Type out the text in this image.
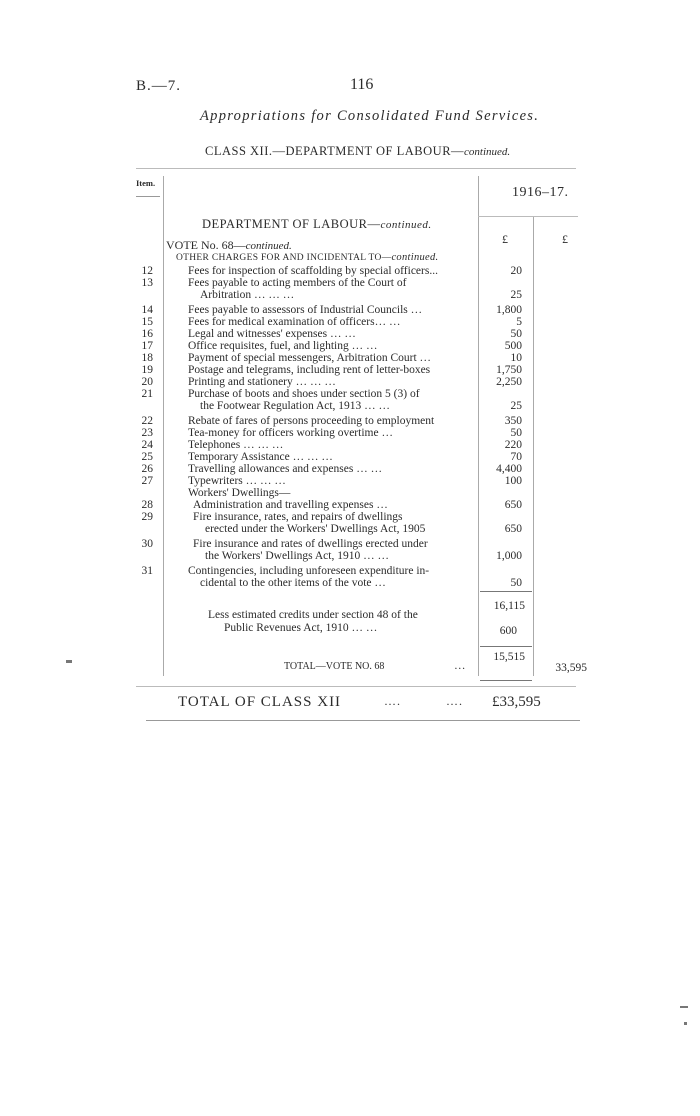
B.—7.	116
Appropriations for Consolidated Fund Services.
CLASS XII.—DEPARTMENT OF LABOUR—continued.
Item.
1916–17.
£	£
DEPARTMENT OF LABOUR—continued.
VOTE No. 68—continued.
OTHER CHARGES FOR AND INCIDENTAL TO—continued.
12	Fees for inspection of scaffolding by special officers...	20
13	Fees payable to acting members of the Court of
Arbitration … … …	25
14	Fees payable to assessors of Industrial Councils …	1,800
15	Fees for medical examination of officers… …	5
16	Legal and witnesses' expenses … …	50
17	Office requisites, fuel, and lighting … …	500
18	Payment of special messengers, Arbitration Court …	10
19	Postage and telegrams, including rent of letter-boxes	1,750
20	Printing and stationery … … …	2,250
21	Purchase of boots and shoes under section 5 (3) of
the Footwear Regulation Act, 1913 … …	25
22	Rebate of fares of persons proceeding to employment	350
23	Tea-money for officers working overtime …	50
24	Telephones … … …	220
25	Temporary Assistance … … …	70
26	Travelling allowances and expenses … …	4,400
27	Typewriters … … …	100
Workers' Dwellings—
28	Administration and travelling expenses …	650
29	Fire insurance, rates, and repairs of dwellings
erected under the Workers' Dwellings Act, 1905	650
30	Fire insurance and rates of dwellings erected under
the Workers' Dwellings Act, 1910 … …	1,000
31	Contingencies, including unforeseen expenditure in-
cidental to the other items of the vote …	50
16,115
Less estimated credits under section 48 of the
Public Revenues Act, 1910 … …	600
15,515
TOTAL—VOTE NO. 68	…	33,595
TOTAL OF CLASS XII	….	…. £33,595
